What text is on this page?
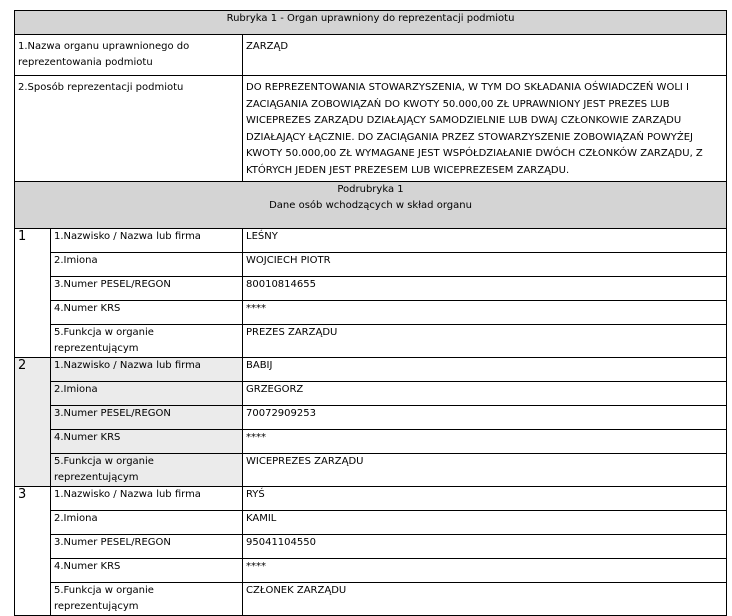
Rubryka 1 - Organ uprawniony do reprezentacji podmiotu		
1.Nazwa organu uprawnionego do reprezentowania podmiotu		ZARZĄD
2.Sposób reprezentacji podmiotu		DO REPREZENTOWANIA STOWARZYSZENIA, W TYM DO SKŁADANIA OŚWIADCZEŃ WOLI I ZACIĄGANIA ZOBOWIĄZAŃ DO KWOTY 50.000,00 ZŁ UPRAWNIONY JEST PREZES LUB WICEPREZES ZARZĄDU DZIAŁAJĄCY SAMODZIELNIE LUB DWAJ CZŁONKOWIE ZARZĄDU DZIAŁAJĄCY ŁĄCZNIE. DO ZACIĄGANIA PRZEZ STOWARZYSZENIE ZOBOWIĄZAŃ POWYŻEJ KWOTY 50.000,00 ZŁ WYMAGANE JEST WSPÓŁDZIAŁANIE DWÓCH CZŁONKÓW ZARZĄDU, Z KTÓRYCH JEDEN JEST PREZESEM LUB WICEPREZESEM ZARZĄDU.

Podrubryka 1
Dane osób wchodzących w skład organu		

1	1.Nazwisko / Nazwa lub firma	LEŚNY
	2.Imiona	WOJCIECH PIOTR
	3.Numer PESEL/REGON	80010814655
	4.Numer KRS	****
	5.Funkcja w organie reprezentującym	PREZES ZARZĄDU
2	1.Nazwisko / Nazwa lub firma	BABIJ
	2.Imiona	GRZEGORZ
	3.Numer PESEL/REGON	70072909253
	4.Numer KRS	****
	5.Funkcja w organie reprezentującym	WICEPREZES ZARZĄDU
3	1.Nazwisko / Nazwa lub firma	RYŚ
	2.Imiona	KAMIL
	3.Numer PESEL/REGON	95041104550
	4.Numer KRS	****
	5.Funkcja w organie reprezentującym	CZŁONEK ZARZĄDU
